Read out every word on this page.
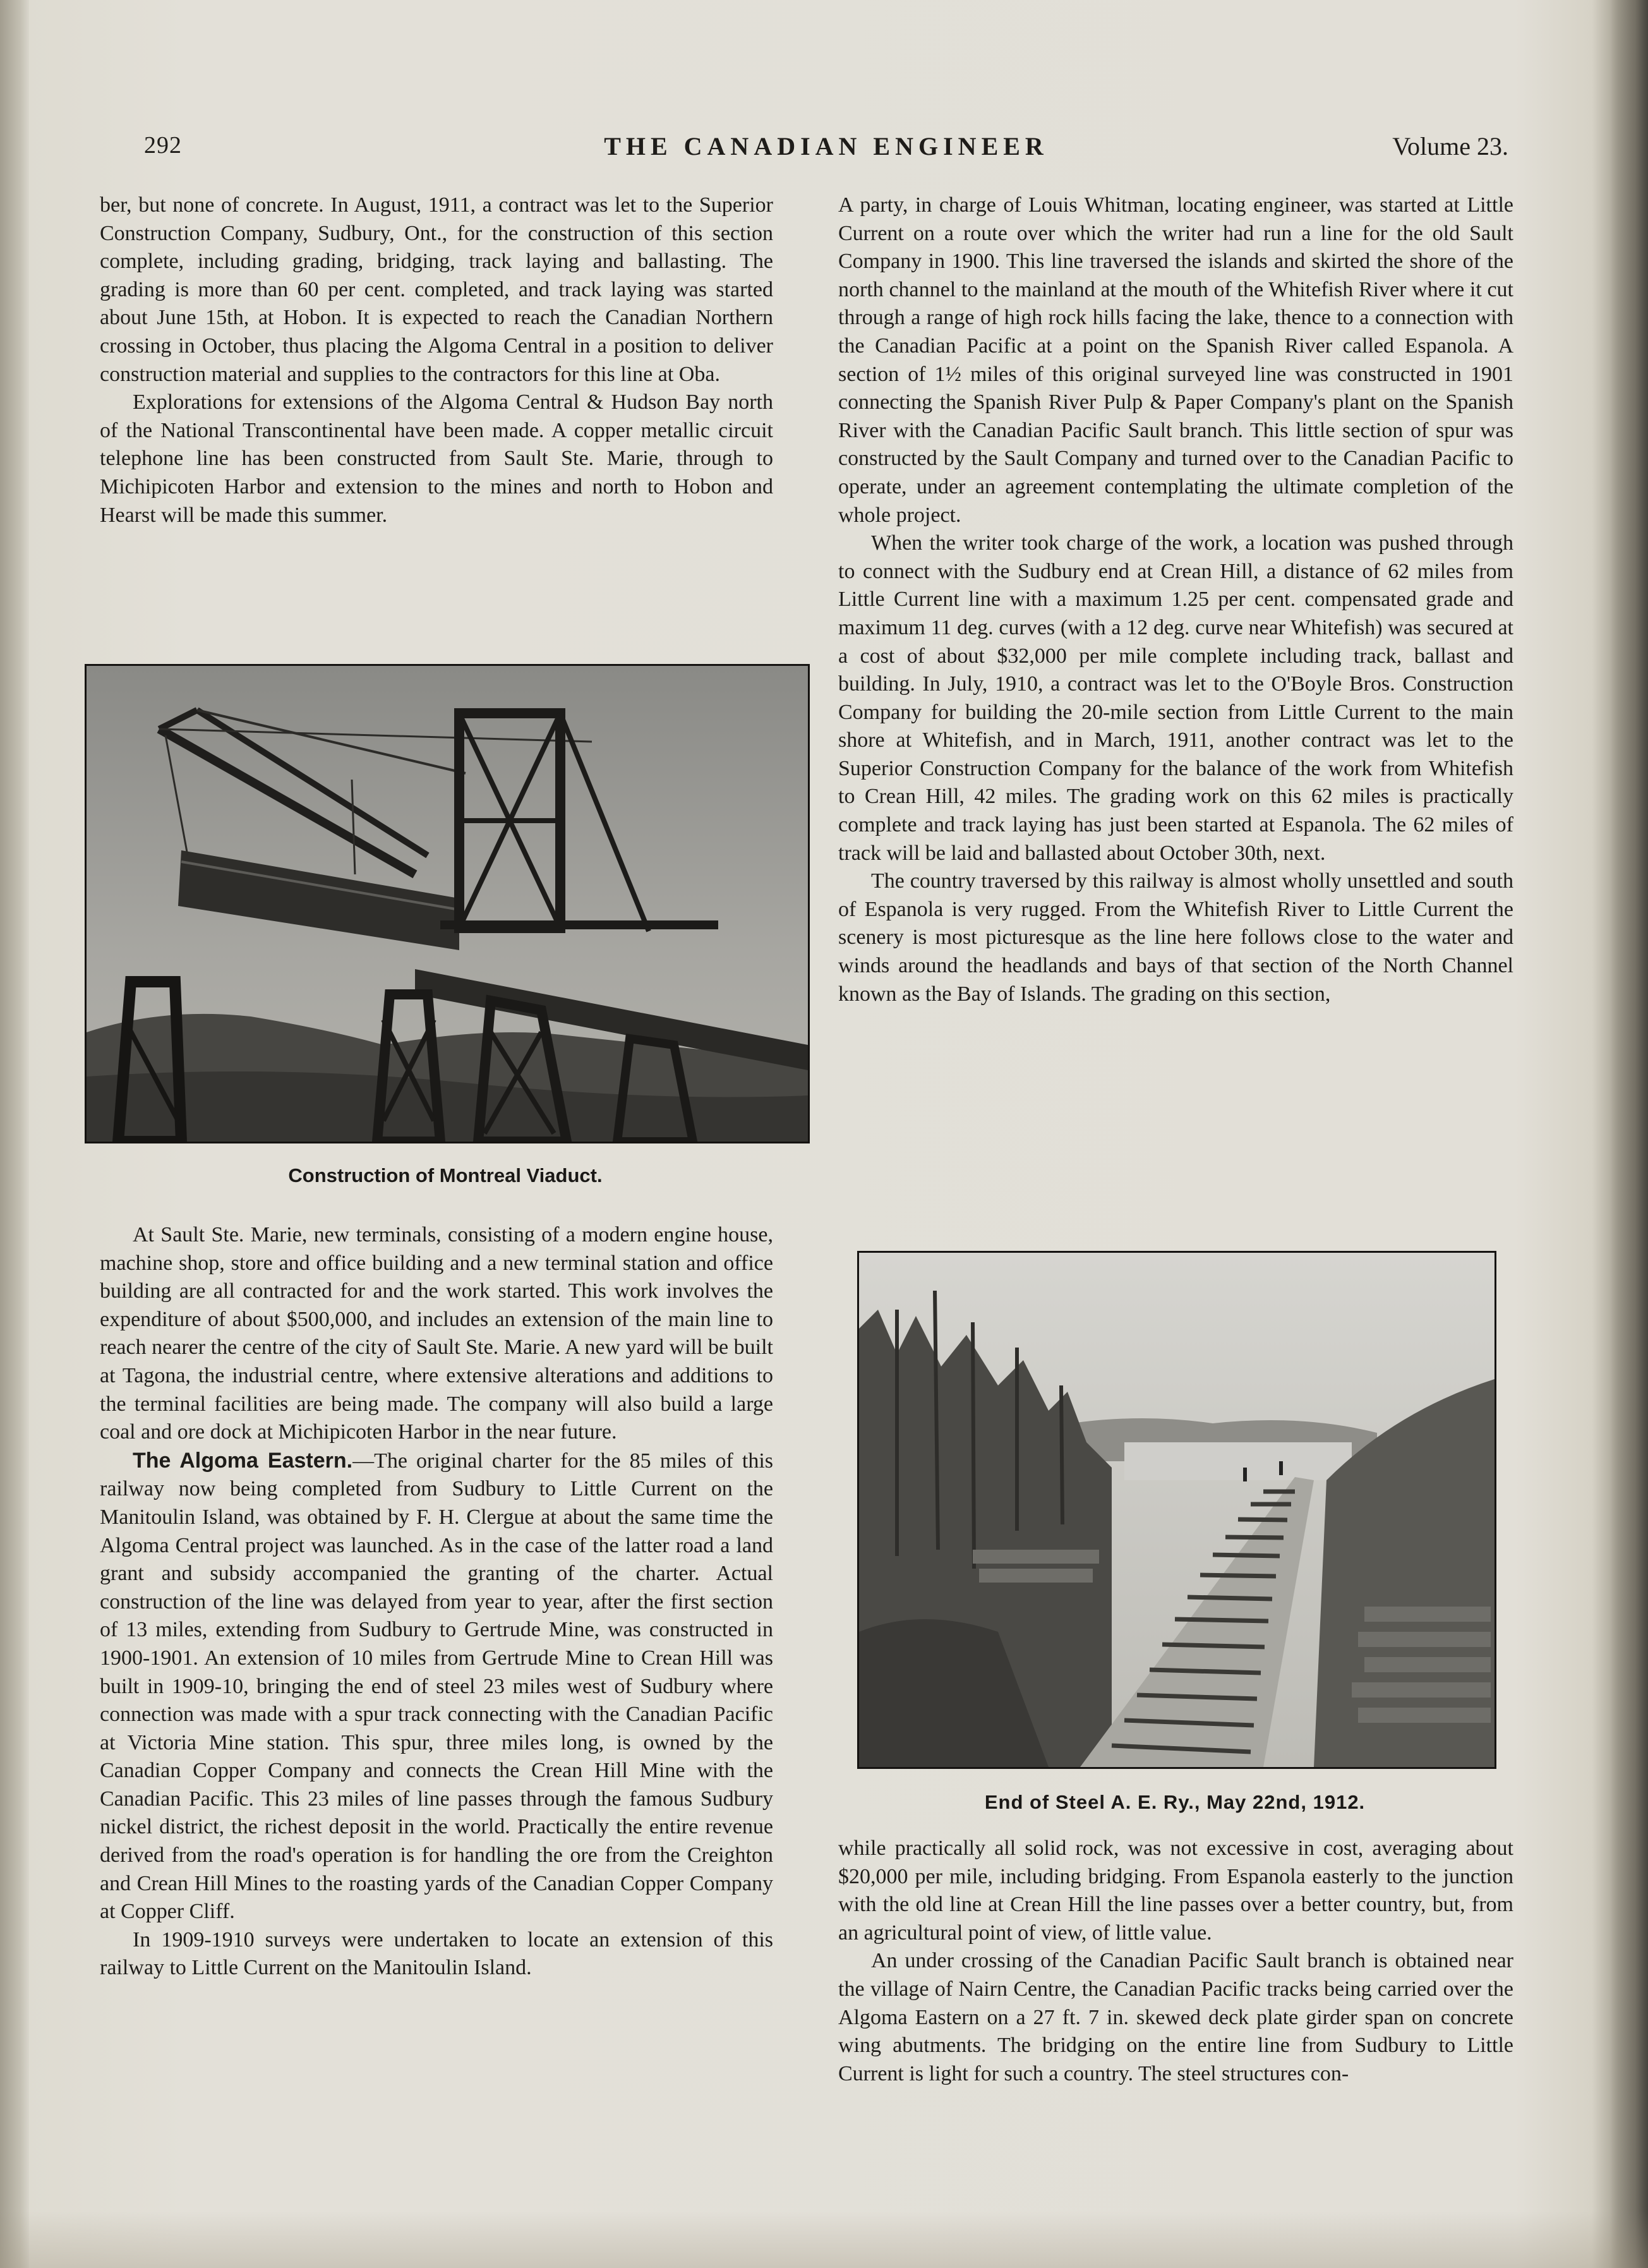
292	THE CANADIAN ENGINEER	Volume 23.

ber, but none of concrete. In August, 1911, a contract was let to the Superior Construction Company, Sudbury, Ont., for the construction of this section complete, including grading, bridging, track laying and ballasting. The grading is more than 60 per cent. completed, and track laying was started about June 15th, at Hobon. It is expected to reach the Canadian Northern crossing in October, thus placing the Algoma Central in a position to deliver construction material and supplies to the contractors for this line at Oba.

Explorations for extensions of the Algoma Central & Hudson Bay north of the National Transcontinental have been made. A copper metallic circuit telephone line has been constructed from Sault Ste. Marie, through to Michipicoten Harbor and extension to the mines and north to Hobon and Hearst will be made this summer.

Construction of Montreal Viaduct.

At Sault Ste. Marie, new terminals, consisting of a modern engine house, machine shop, store and office building and a new terminal station and office building are all contracted for and the work started. This work involves the expenditure of about $500,000, and includes an extension of the main line to reach nearer the centre of the city of Sault Ste. Marie. A new yard will be built at Tagona, the industrial centre, where extensive alterations and additions to the terminal facilities are being made. The company will also build a large coal and ore dock at Michipicoten Harbor in the near future.

The Algoma Eastern.—The original charter for the 85 miles of this railway now being completed from Sudbury to Little Current on the Manitoulin Island, was obtained by F. H. Clergue at about the same time the Algoma Central project was launched. As in the case of the latter road a land grant and subsidy accompanied the granting of the charter. Actual construction of the line was delayed from year to year, after the first section of 13 miles, extending from Sudbury to Gertrude Mine, was constructed in 1900-1901. An extension of 10 miles from Gertrude Mine to Crean Hill was built in 1909-10, bringing the end of steel 23 miles west of Sudbury where connection was made with a spur track connecting with the Canadian Pacific at Victoria Mine station. This spur, three miles long, is owned by the Canadian Copper Company and connects the Crean Hill Mine with the Canadian Pacific. This 23 miles of line passes through the famous Sudbury nickel district, the richest deposit in the world. Practically the entire revenue derived from the road's operation is for handling the ore from the Creighton and Crean Hill Mines to the roasting yards of the Canadian Copper Company at Copper Cliff.

In 1909-1910 surveys were undertaken to locate an extension of this railway to Little Current on the Manitoulin Island.

A party, in charge of Louis Whitman, locating engineer, was started at Little Current on a route over which the writer had run a line for the old Sault Company in 1900. This line traversed the islands and skirted the shore of the north channel to the mainland at the mouth of the Whitefish River where it cut through a range of high rock hills facing the lake, thence to a connection with the Canadian Pacific at a point on the Spanish River called Espanola. A section of 1½ miles of this original surveyed line was constructed in 1901 connecting the Spanish River Pulp & Paper Company's plant on the Spanish River with the Canadian Pacific Sault branch. This little section of spur was constructed by the Sault Company and turned over to the Canadian Pacific to operate, under an agreement contemplating the ultimate completion of the whole project.

When the writer took charge of the work, a location was pushed through to connect with the Sudbury end at Crean Hill, a distance of 62 miles from Little Current line with a maximum 1.25 per cent. compensated grade and maximum 11 deg. curves (with a 12 deg. curve near Whitefish) was secured at a cost of about $32,000 per mile complete including track, ballast and building. In July, 1910, a contract was let to the O'Boyle Bros. Construction Company for building the 20-mile section from Little Current to the main shore at Whitefish, and in March, 1911, another contract was let to the Superior Construction Company for the balance of the work from Whitefish to Crean Hill, 42 miles. The grading work on this 62 miles is practically complete and track laying has just been started at Espanola. The 62 miles of track will be laid and ballasted about October 30th, next.

The country traversed by this railway is almost wholly unsettled and south of Espanola is very rugged. From the Whitefish River to Little Current the scenery is most picturesque as the line here follows close to the water and winds around the headlands and bays of that section of the North Channel known as the Bay of Islands. The grading on this section,

End of Steel A. E. Ry., May 22nd, 1912.

while practically all solid rock, was not excessive in cost, averaging about $20,000 per mile, including bridging. From Espanola easterly to the junction with the old line at Crean Hill the line passes over a better country, but, from an agricultural point of view, of little value.

An under crossing of the Canadian Pacific Sault branch is obtained near the village of Nairn Centre, the Canadian Pacific tracks being carried over the Algoma Eastern on a 27 ft. 7 in. skewed deck plate girder span on concrete wing abutments. The bridging on the entire line from Sudbury to Little Current is light for such a country. The steel structures con-
